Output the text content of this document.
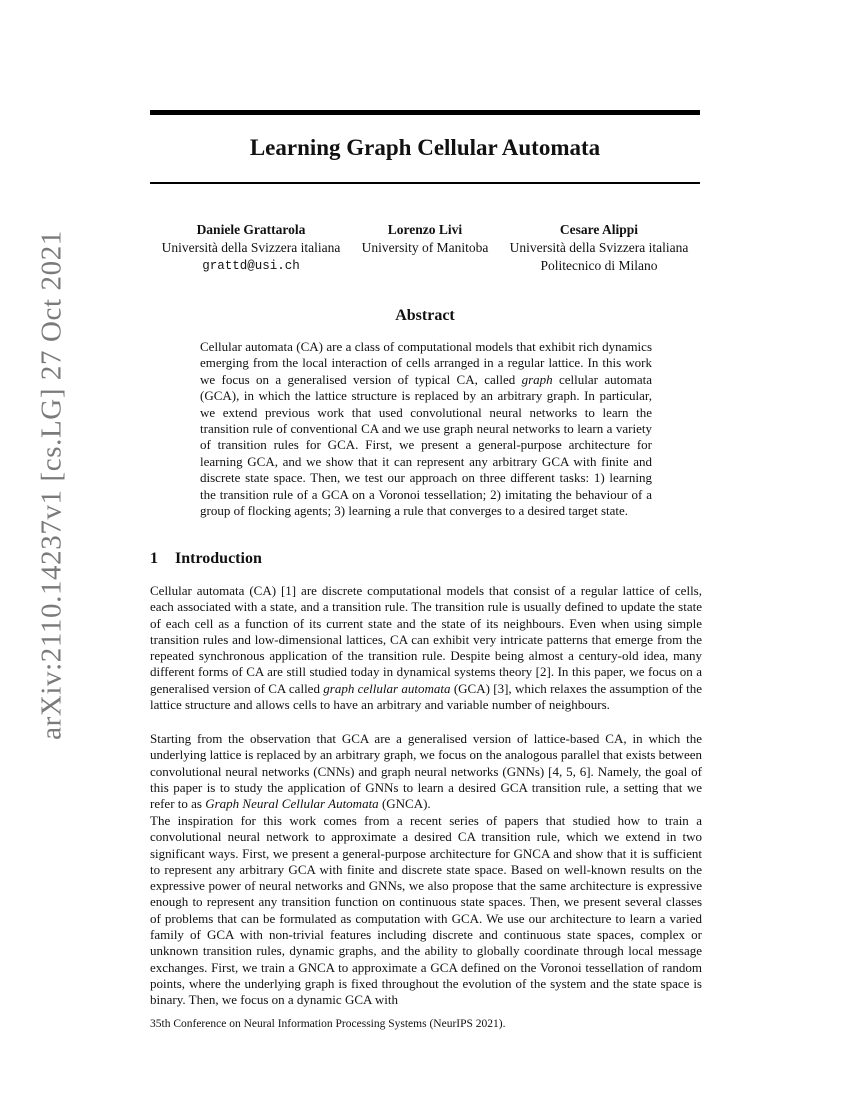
arXiv:2110.14237v1 [cs.LG] 27 Oct 2021
Learning Graph Cellular Automata
Daniele Grattarola
Università della Svizzera italiana
grattd@usi.ch
Lorenzo Livi
University of Manitoba
Cesare Alippi
Università della Svizzera italiana
Politecnico di Milano
Abstract

Cellular automata (CA) are a class of computational models that exhibit rich dynamics emerging from the local interaction of cells arranged in a regular lattice. In this work we focus on a generalised version of typical CA, called graph cellular automata (GCA), in which the lattice structure is replaced by an arbitrary graph. In particular, we extend previous work that used convolutional neural networks to learn the transition rule of conventional CA and we use graph neural networks to learn a variety of transition rules for GCA. First, we present a general-purpose architecture for learning GCA, and we show that it can represent any arbitrary GCA with finite and discrete state space. Then, we test our approach on three different tasks: 1) learning the transition rule of a GCA on a Voronoi tessellation; 2) imitating the behaviour of a group of flocking agents; 3) learning a rule that converges to a desired target state.

1 Introduction

Cellular automata (CA) [1] are discrete computational models that consist of a regular lattice of cells, each associated with a state, and a transition rule. The transition rule is usually defined to update the state of each cell as a function of its current state and the state of its neighbours. Even when using simple transition rules and low-dimensional lattices, CA can exhibit very intricate patterns that emerge from the repeated synchronous application of the transition rule. Despite being almost a century-old idea, many different forms of CA are still studied today in dynamical systems theory [2]. In this paper, we focus on a generalised version of CA called graph cellular automata (GCA) [3], which relaxes the assumption of the lattice structure and allows cells to have an arbitrary and variable number of neighbours.

Starting from the observation that GCA are a generalised version of lattice-based CA, in which the underlying lattice is replaced by an arbitrary graph, we focus on the analogous parallel that exists between convolutional neural networks (CNNs) and graph neural networks (GNNs) [4, 5, 6]. Namely, the goal of this paper is to study the application of GNNs to learn a desired GCA transition rule, a setting that we refer to as Graph Neural Cellular Automata (GNCA).

The inspiration for this work comes from a recent series of papers that studied how to train a convolutional neural network to approximate a desired CA transition rule, which we extend in two significant ways. First, we present a general-purpose architecture for GNCA and show that it is sufficient to represent any arbitrary GCA with finite and discrete state space. Based on well-known results on the expressive power of neural networks and GNNs, we also propose that the same architecture is expressive enough to represent any transition function on continuous state spaces. Then, we present several classes of problems that can be formulated as computation with GCA. We use our architecture to learn a varied family of GCA with non-trivial features including discrete and continuous state spaces, complex or unknown transition rules, dynamic graphs, and the ability to globally coordinate through local message exchanges. First, we train a GNCA to approximate a GCA defined on the Voronoi tessellation of random points, where the underlying graph is fixed throughout the evolution of the system and the state space is binary. Then, we focus on a dynamic GCA with

35th Conference on Neural Information Processing Systems (NeurIPS 2021).
